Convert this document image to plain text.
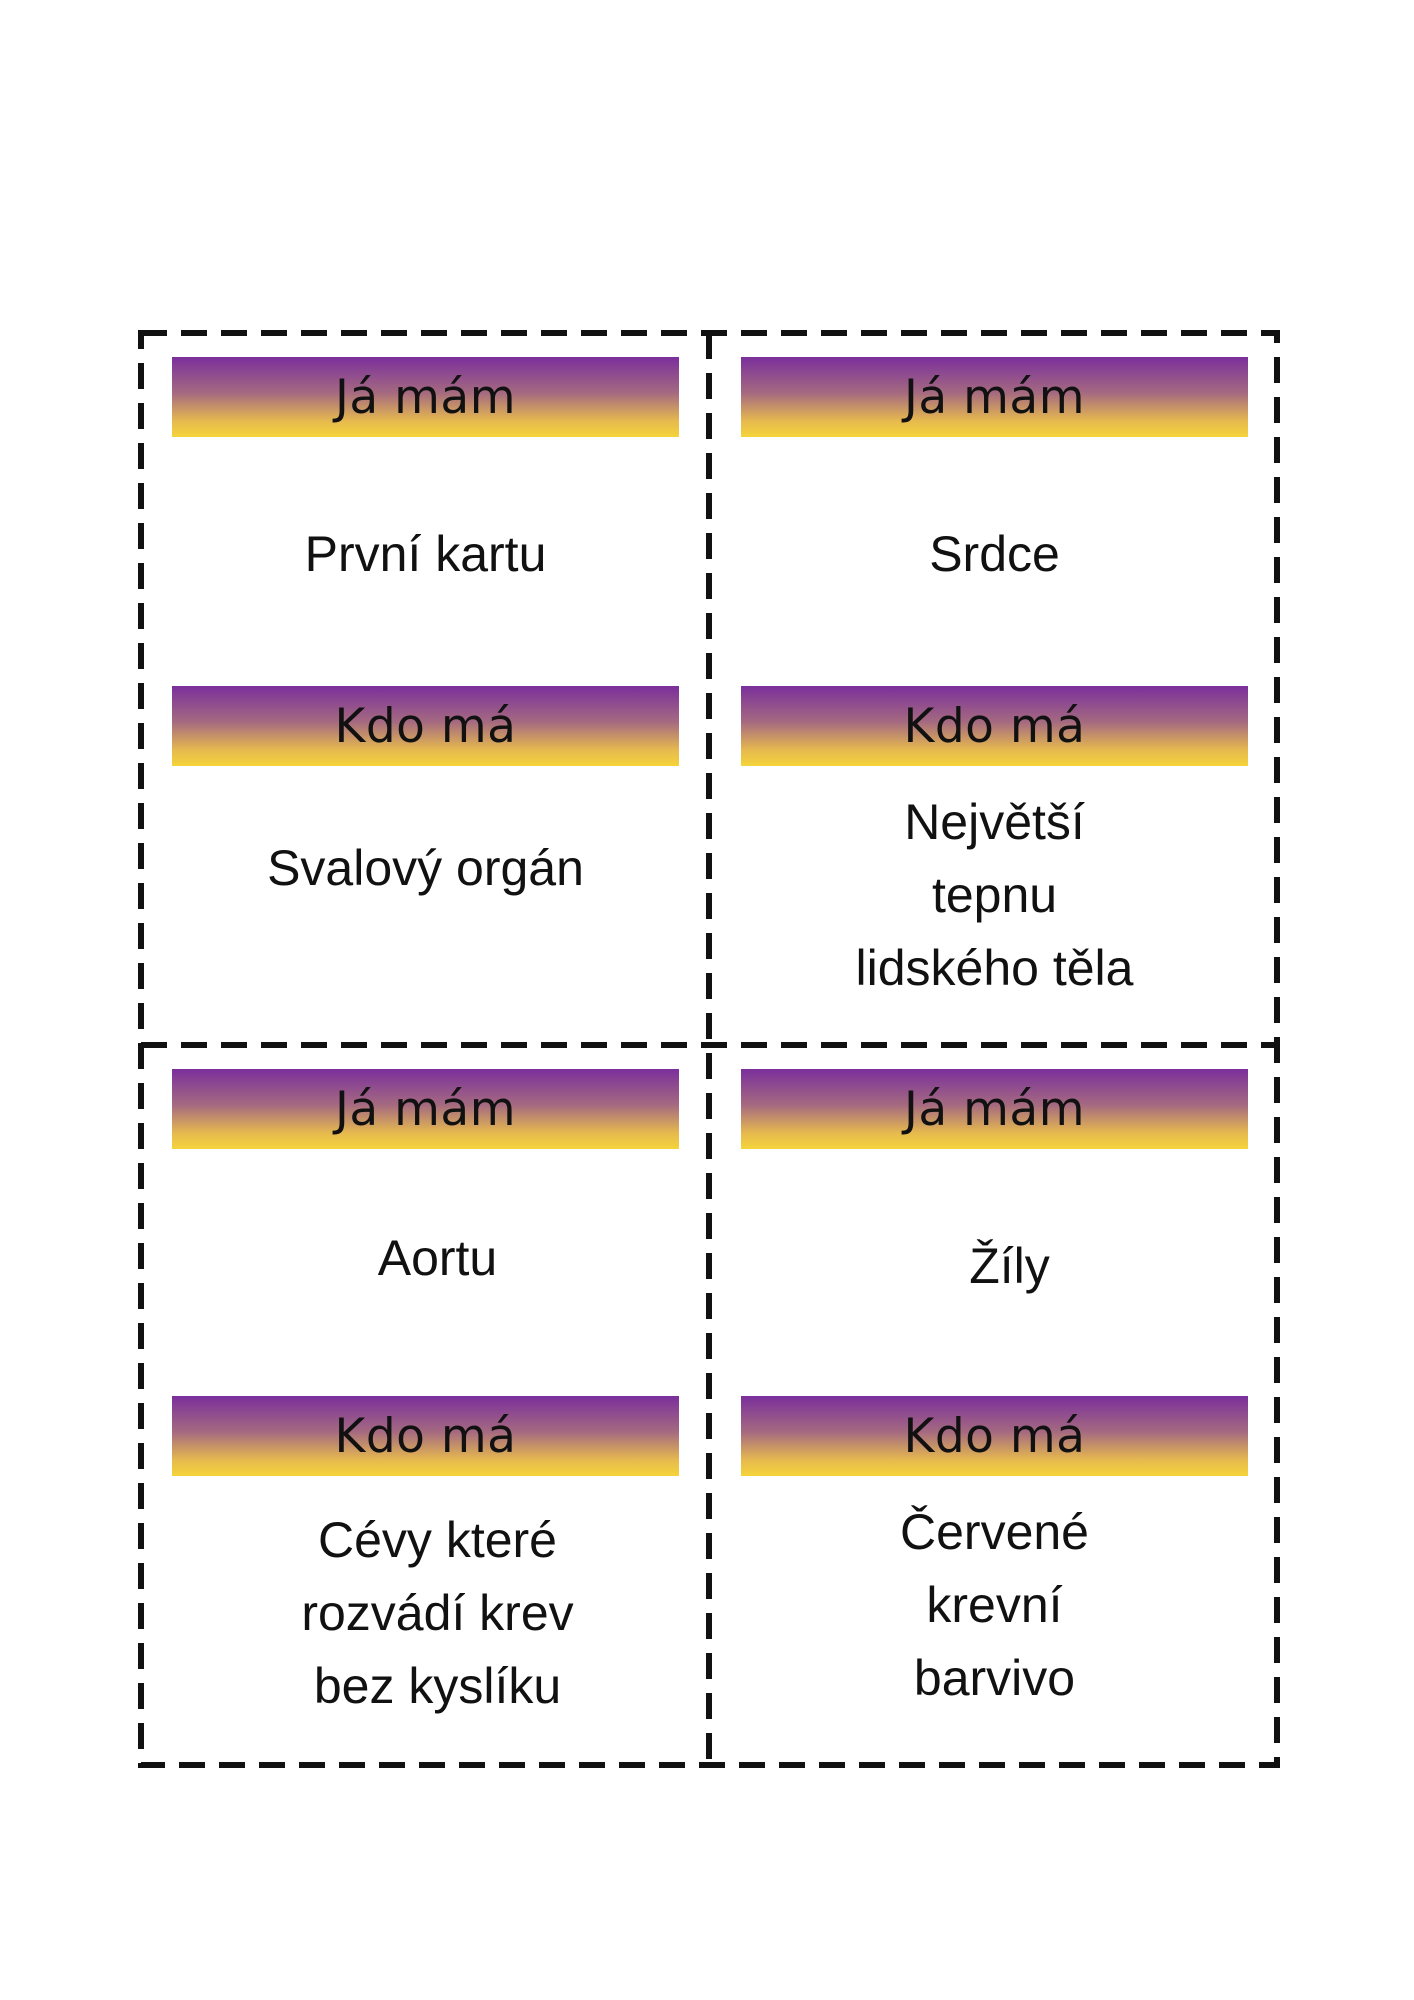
Já mám
První kartu
Kdo má
Svalový orgán
Já mám
Srdce
Kdo má
Největší
tepnu
lidského těla
Já mám
Aortu
Kdo má
Cévy které
rozvádí krev
bez kyslíku
Já mám
Žíly
Kdo má
Červené
krevní
barvivo
